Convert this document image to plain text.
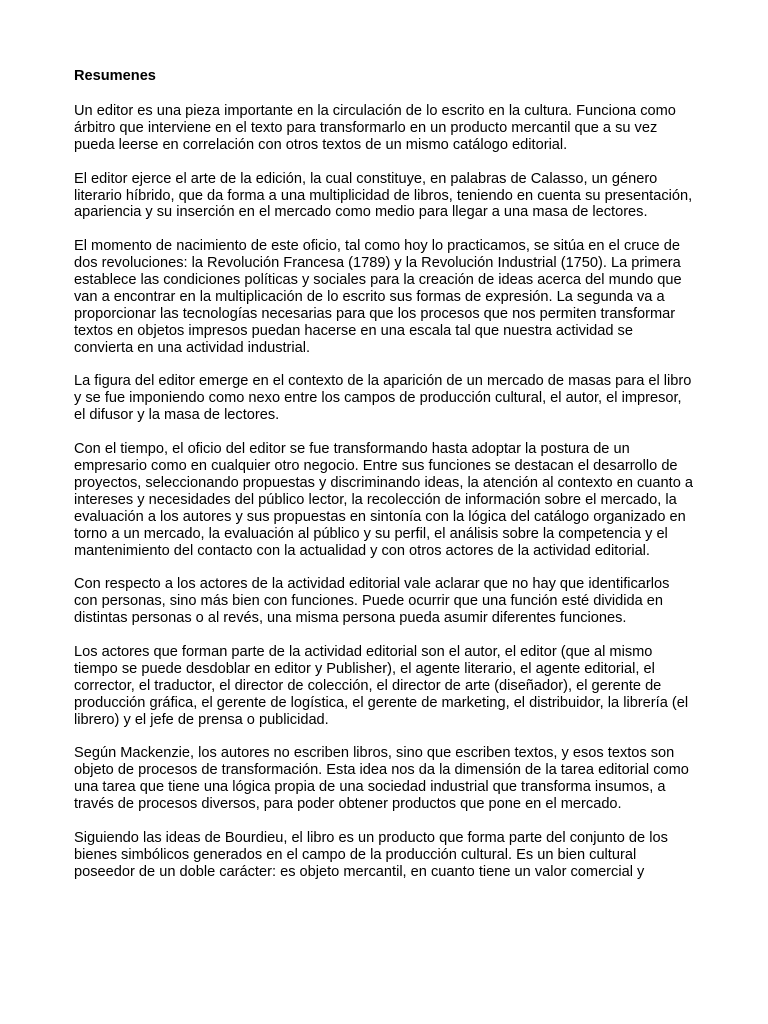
Resumenes

Un editor es una pieza importante en la circulación de lo escrito en la cultura. Funciona como árbitro que interviene en el texto para transformarlo en un producto mercantil que a su vez pueda leerse en correlación con otros textos de un mismo catálogo editorial.

El editor ejerce el arte de la edición, la cual constituye, en palabras de Calasso, un género literario híbrido, que da forma a una multiplicidad de libros, teniendo en cuenta su presentación, apariencia y su inserción en el mercado como medio para llegar a una masa de lectores.

El momento de nacimiento de este oficio, tal como hoy lo practicamos, se sitúa en el cruce de dos revoluciones: la Revolución Francesa (1789) y la Revolución Industrial (1750). La primera establece las condiciones políticas y sociales para la creación de ideas acerca del mundo que van a encontrar en la multiplicación de lo escrito sus formas de expresión. La segunda va a proporcionar las tecnologías necesarias para que los procesos que nos permiten transformar textos en objetos impresos puedan hacerse en una escala tal que nuestra actividad se convierta en una actividad industrial.

La figura del editor emerge en el contexto de la aparición de un mercado de masas para el libro y se fue imponiendo como nexo entre los campos de producción cultural, el autor, el impresor, el difusor y la masa de lectores.

Con el tiempo, el oficio del editor se fue transformando hasta adoptar la postura de un empresario como en cualquier otro negocio. Entre sus funciones se destacan el desarrollo de proyectos, seleccionando propuestas y discriminando ideas, la atención al contexto en cuanto a intereses y necesidades del público lector, la recolección de información sobre el mercado, la evaluación a los autores y sus propuestas en sintonía con la lógica del catálogo organizado en torno a un mercado, la evaluación al público y su perfil, el análisis sobre la competencia y el mantenimiento del contacto con la actualidad y con otros actores de la actividad editorial.

Con respecto a los actores de la actividad editorial vale aclarar que no hay que identificarlos con personas, sino más bien con funciones. Puede ocurrir que una función esté dividida en distintas personas o al revés, una misma persona pueda asumir diferentes funciones.

Los actores que forman parte de la actividad editorial son el autor, el editor (que al mismo tiempo se puede desdoblar en editor y Publisher), el agente literario, el agente editorial, el corrector, el traductor, el director de colección, el director de arte (diseñador), el gerente de producción gráfica, el gerente de logística, el gerente de marketing, el distribuidor, la librería (el librero) y el jefe de prensa o publicidad.

Según Mackenzie, los autores no escriben libros, sino que escriben textos, y esos textos son objeto de procesos de transformación. Esta idea nos da la dimensión de la tarea editorial como una tarea que tiene una lógica propia de una sociedad industrial que transforma insumos, a través de procesos diversos, para poder obtener productos que pone en el mercado.

Siguiendo las ideas de Bourdieu, el libro es un producto que forma parte del conjunto de los bienes simbólicos generados en el campo de la producción cultural. Es un bien cultural poseedor de un doble carácter: es objeto mercantil, en cuanto tiene un valor comercial y
